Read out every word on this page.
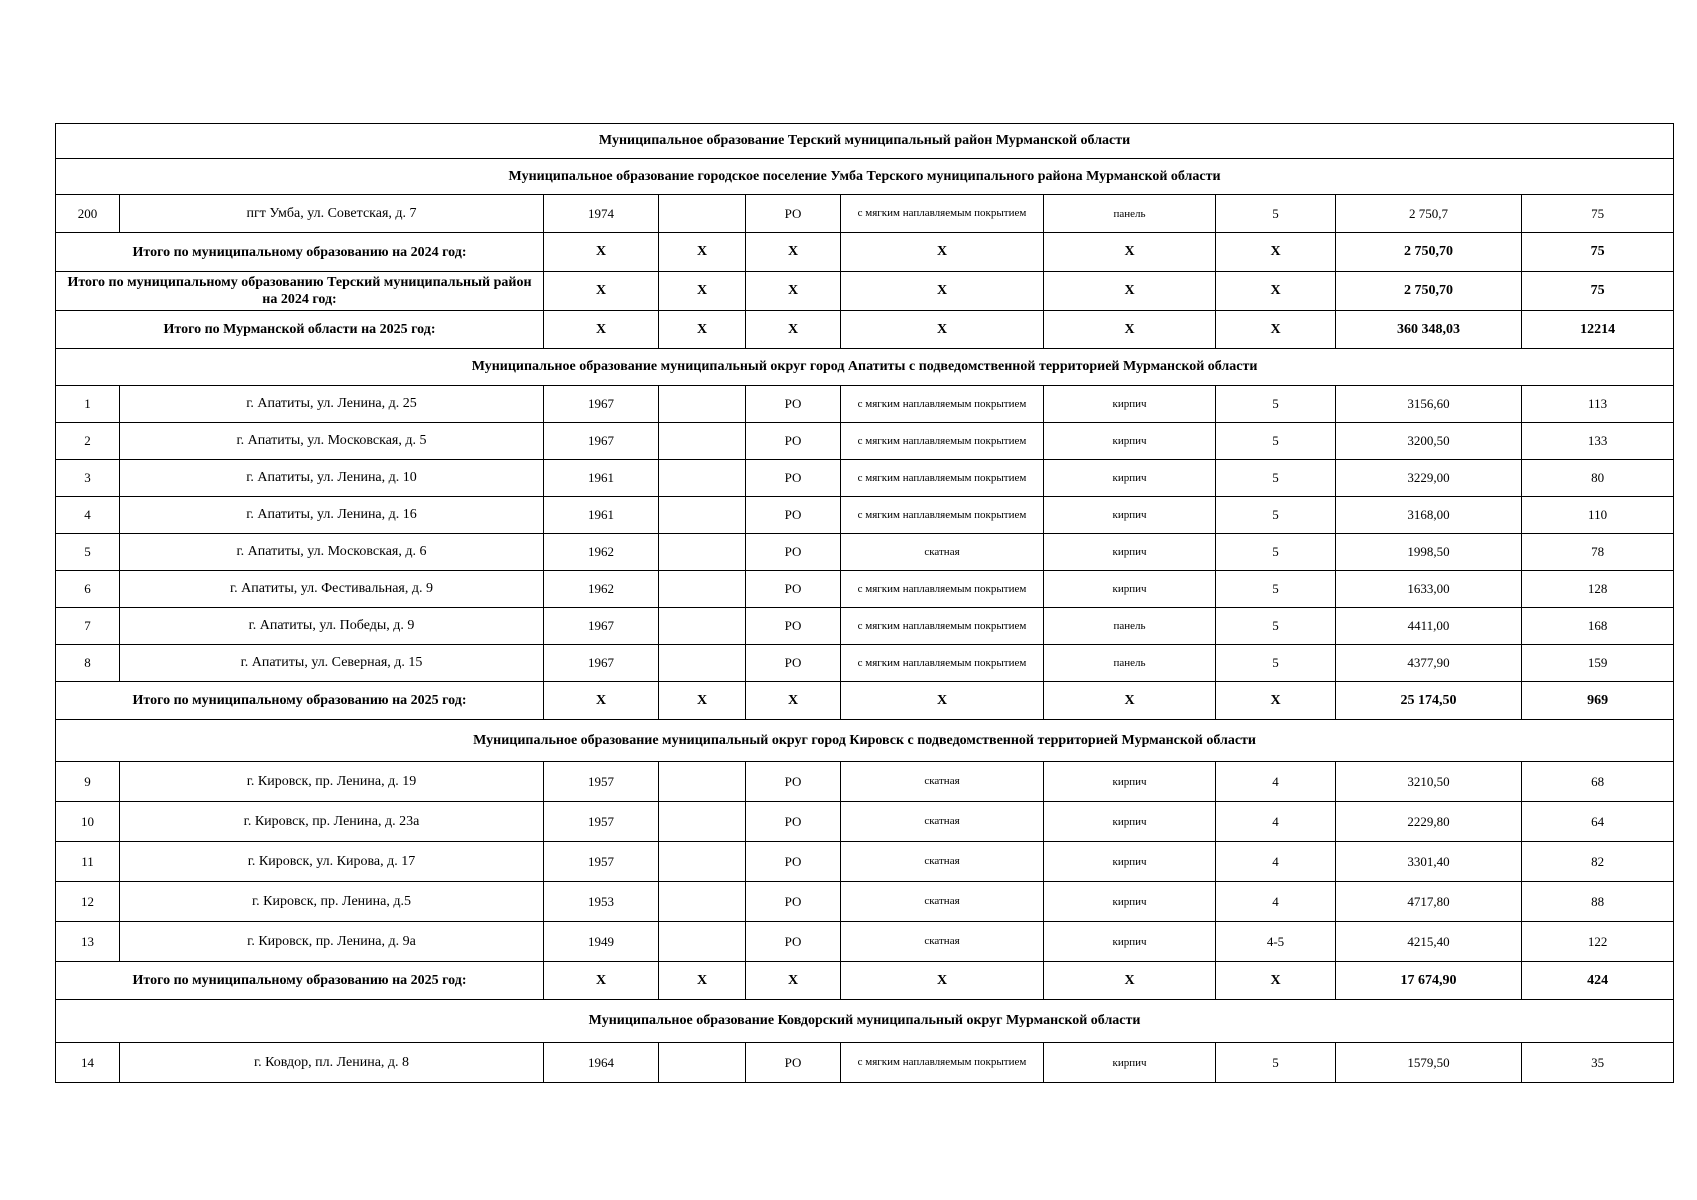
Муниципальное образование Терский муниципальный район Мурманской области									
Муниципальное образование городское поселение Умба Терского муниципального района Мурманской области									
200	пгт Умба, ул. Советская, д. 7	1974		РО	с мягким наплавляемым покрытием	панель	5	2 750,7	75
Итого по муниципальному образованию на 2024 год:		X	X	X	X	X	X	2 750,70	75
Итого по муниципальному образованию Терский муниципальный район на 2024 год:		X	X	X	X	X	X	2 750,70	75
Итого по Мурманской области на 2025 год:		X	X	X	X	X	X	360 348,03	12214
Муниципальное образование муниципальный округ город Апатиты с подведомственной территорией Мурманской области									
1	г. Апатиты, ул. Ленина, д. 25	1967		РО	с мягким наплавляемым покрытием	кирпич	5	3156,60	113
2	г. Апатиты, ул. Московская, д. 5	1967		РО	с мягким наплавляемым покрытием	кирпич	5	3200,50	133
3	г. Апатиты, ул. Ленина, д. 10	1961		РО	с мягким наплавляемым покрытием	кирпич	5	3229,00	80
4	г. Апатиты, ул. Ленина, д. 16	1961		РО	с мягким наплавляемым покрытием	кирпич	5	3168,00	110
5	г. Апатиты, ул. Московская, д. 6	1962		РО	скатная	кирпич	5	1998,50	78
6	г. Апатиты, ул. Фестивальная, д. 9	1962		РО	с мягким наплавляемым покрытием	кирпич	5	1633,00	128
7	г. Апатиты, ул. Победы, д. 9	1967		РО	с мягким наплавляемым покрытием	панель	5	4411,00	168
8	г. Апатиты, ул. Северная, д. 15	1967		РО	с мягким наплавляемым покрытием	панель	5	4377,90	159
Итого по муниципальному образованию на 2025 год:		X	X	X	X	X	X	25 174,50	969
Муниципальное образование муниципальный округ город Кировск с подведомственной территорией Мурманской области									
9	г. Кировск, пр. Ленина, д. 19	1957		РО	скатная	кирпич	4	3210,50	68
10	г. Кировск, пр. Ленина, д. 23а	1957		РО	скатная	кирпич	4	2229,80	64
11	г. Кировск, ул. Кирова, д. 17	1957		РО	скатная	кирпич	4	3301,40	82
12	г. Кировск, пр. Ленина, д.5	1953		РО	скатная	кирпич	4	4717,80	88
13	г. Кировск, пр. Ленина, д. 9а	1949		РО	скатная	кирпич	4-5	4215,40	122
Итого по муниципальному образованию на 2025 год:		X	X	X	X	X	X	17 674,90	424
Муниципальное образование Ковдорский муниципальный округ Мурманской области									
14	г. Ковдор, пл. Ленина, д. 8	1964		РО	с мягким наплавляемым покрытием	кирпич	5	1579,50	35
